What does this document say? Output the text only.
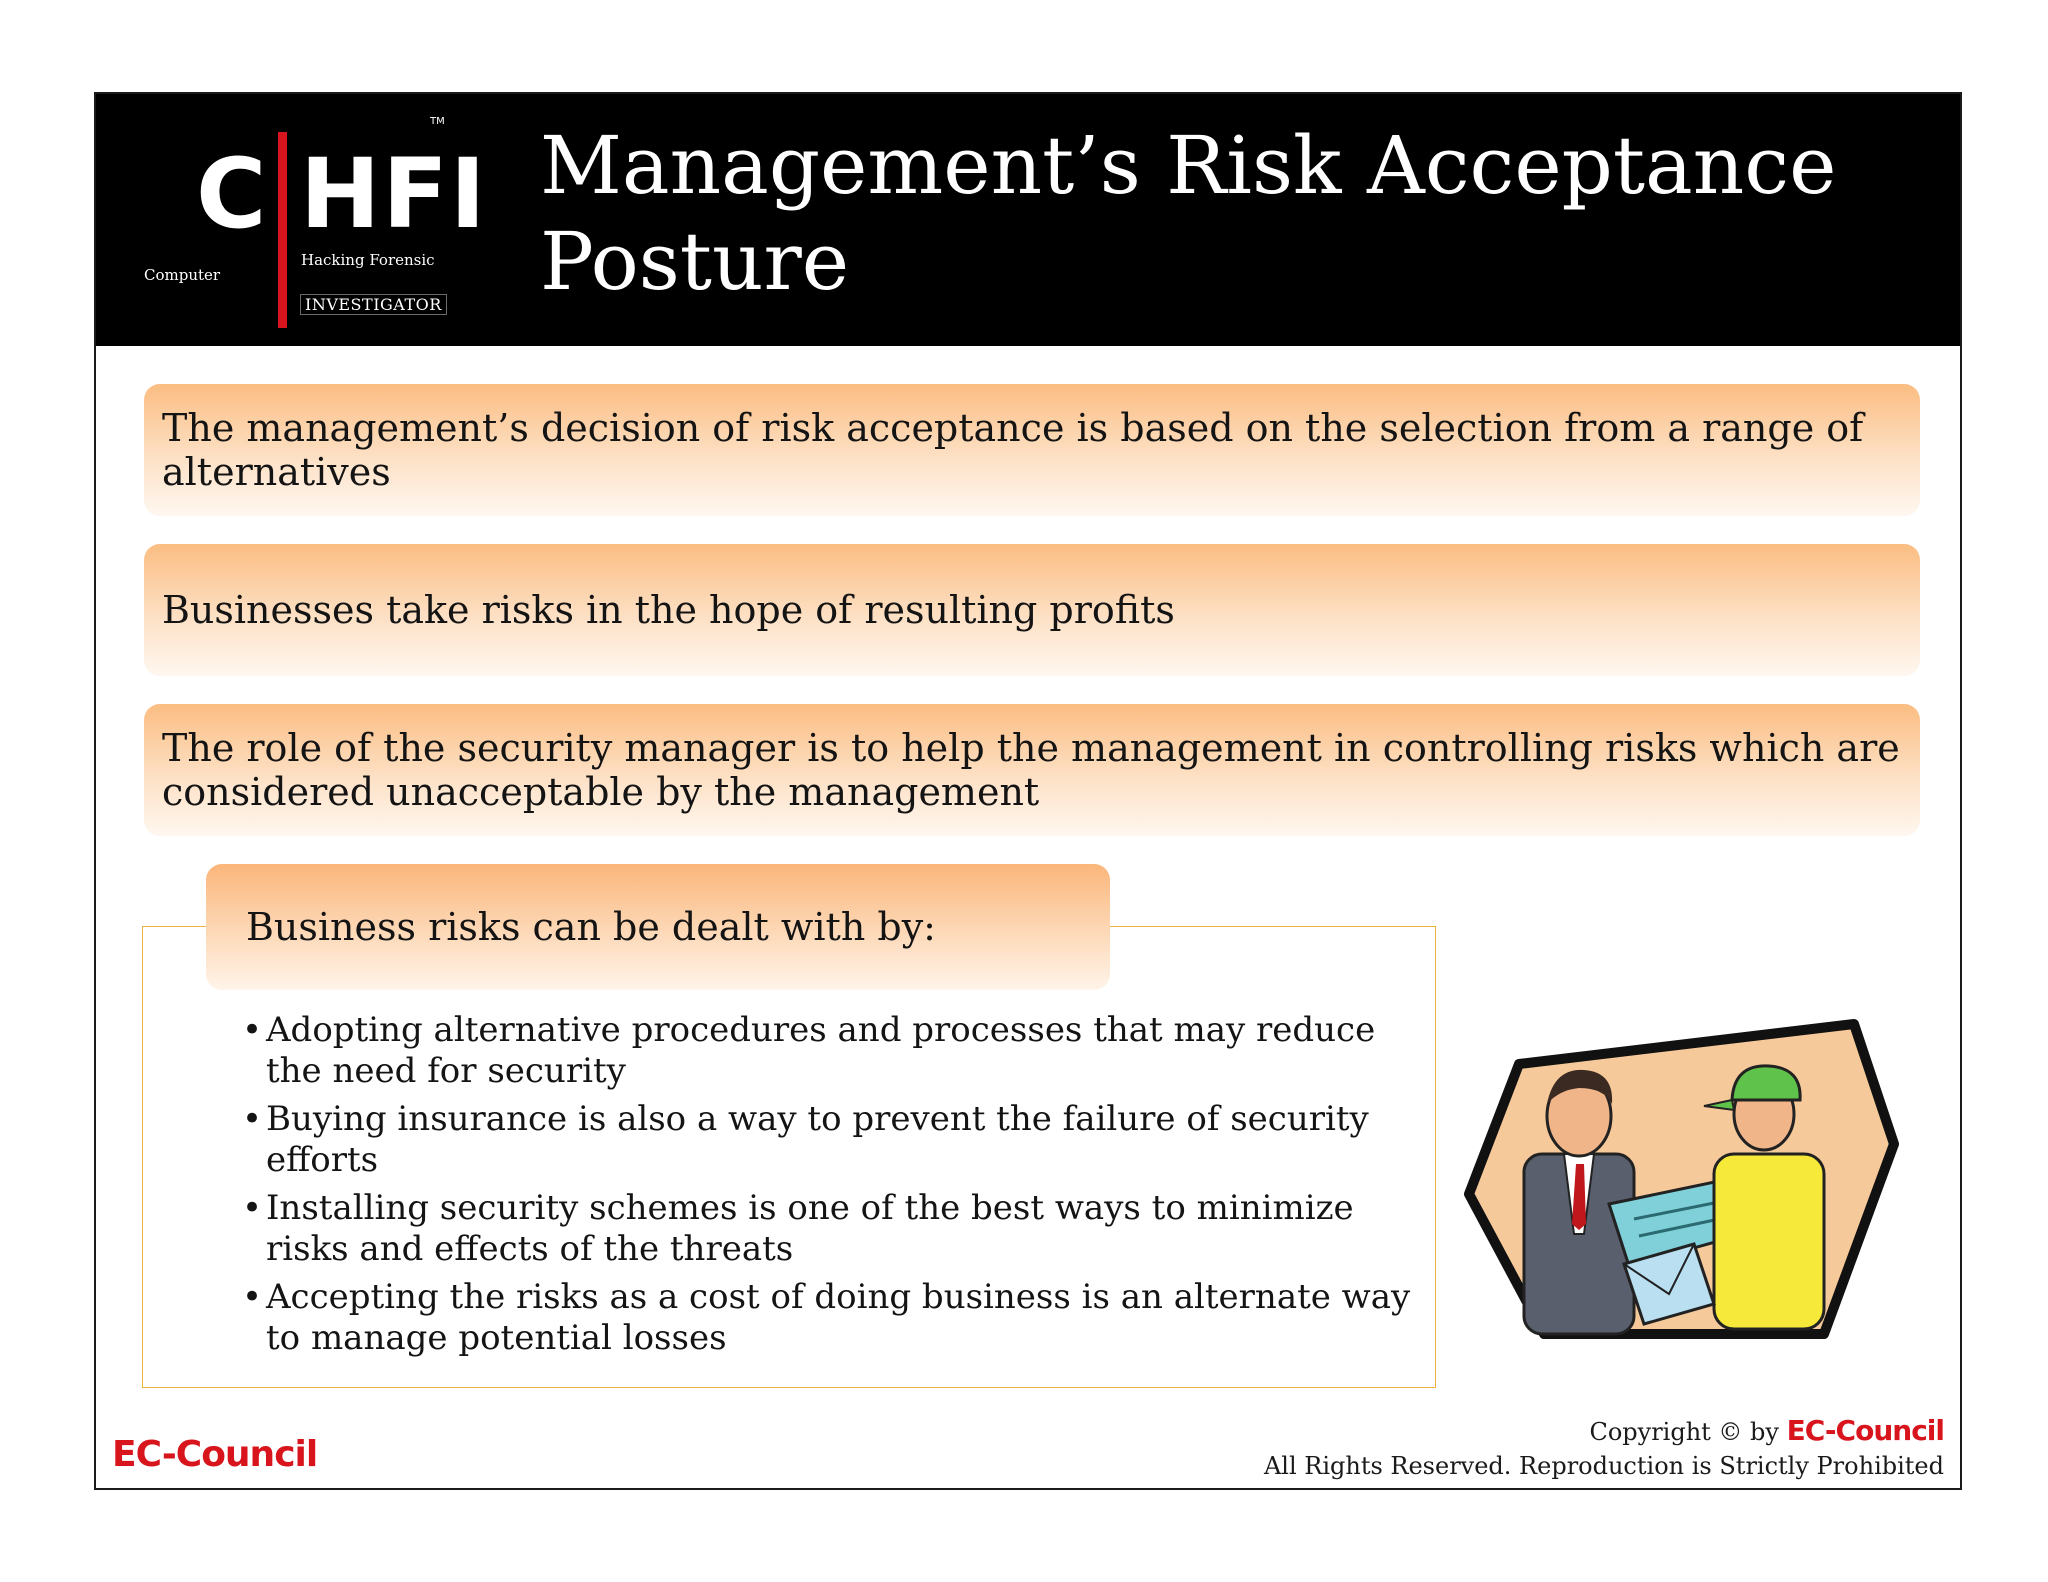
C HFI
TM
Computer
Hacking Forensic
INVESTIGATOR
Management’s Risk Acceptance Posture
The management’s decision of risk acceptance is based on the selection from a range of alternatives
Businesses take risks in the hope of resulting profits
The role of the security manager is to help the management in controlling risks which are considered unacceptable by the management
Business risks can be dealt with by:
• Adopting alternative procedures and processes that may reduce the need for security
• Buying insurance is also a way to prevent the failure of security efforts
• Installing security schemes is one of the best ways to minimize risks and effects of the threats
• Accepting the risks as a cost of doing business is an alternate way to manage potential losses
EC-Council
Copyright © by EC-Council
All Rights Reserved. Reproduction is Strictly Prohibited
